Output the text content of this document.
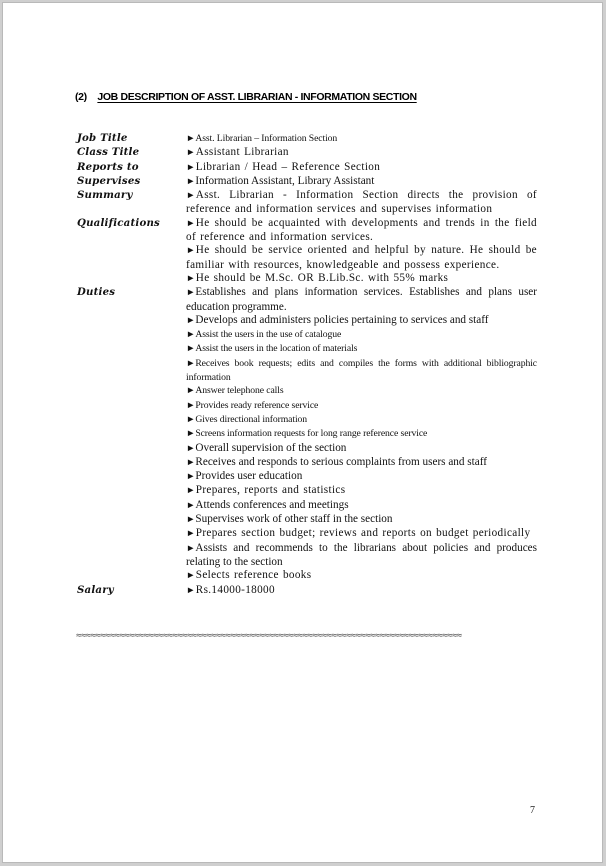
(2) JOB DESCRIPTION OF ASST. LIBRARIAN - INFORMATION SECTION
Job Title	►Asst. Librarian – Information Section
Class Title	►Assistant Librarian
Reports to	►Librarian / Head – Reference Section
Supervises	►Information Assistant, Library Assistant
Summary	►Asst. Librarian - Information Section directs the provision of reference and information services and supervises information
Qualifications	►He should be acquainted with developments and trends in the field of reference and information services.
►He should be service oriented and helpful by nature. He should be familiar with resources, knowledgeable and possess experience.
►He should be M.Sc. OR B.Lib.Sc. with 55% marks
Duties	►Establishes and plans information services. Establishes and plans user education programme.
►Develops and administers policies pertaining to services and staff
►Assist the users in the use of catalogue
►Assist the users in the location of materials
►Receives book requests; edits and compiles the forms with additional bibliographic information
►Answer telephone calls
►Provides ready reference service
►Gives directional information
►Screens information requests for long range reference service
►Overall supervision of the section
►Receives and responds to serious complaints from users and staff
►Provides user education
►Prepares, reports and statistics
►Attends conferences and meetings
►Supervises work of other staff in the section
►Prepares section budget; reviews and reports on budget periodically
►Assists and recommends to the librarians about policies and produces relating to the section
►Selects reference books
Salary	►Rs.14000-18000
≈≈≈≈≈≈≈≈≈≈≈≈≈≈≈≈≈≈≈≈≈≈≈≈≈≈≈≈≈≈≈≈≈≈≈≈≈≈≈≈≈≈≈≈≈≈≈≈≈≈≈≈≈≈≈≈≈≈≈≈≈≈≈≈≈≈≈≈≈≈≈≈≈≈≈≈≈≈≈≈
7
